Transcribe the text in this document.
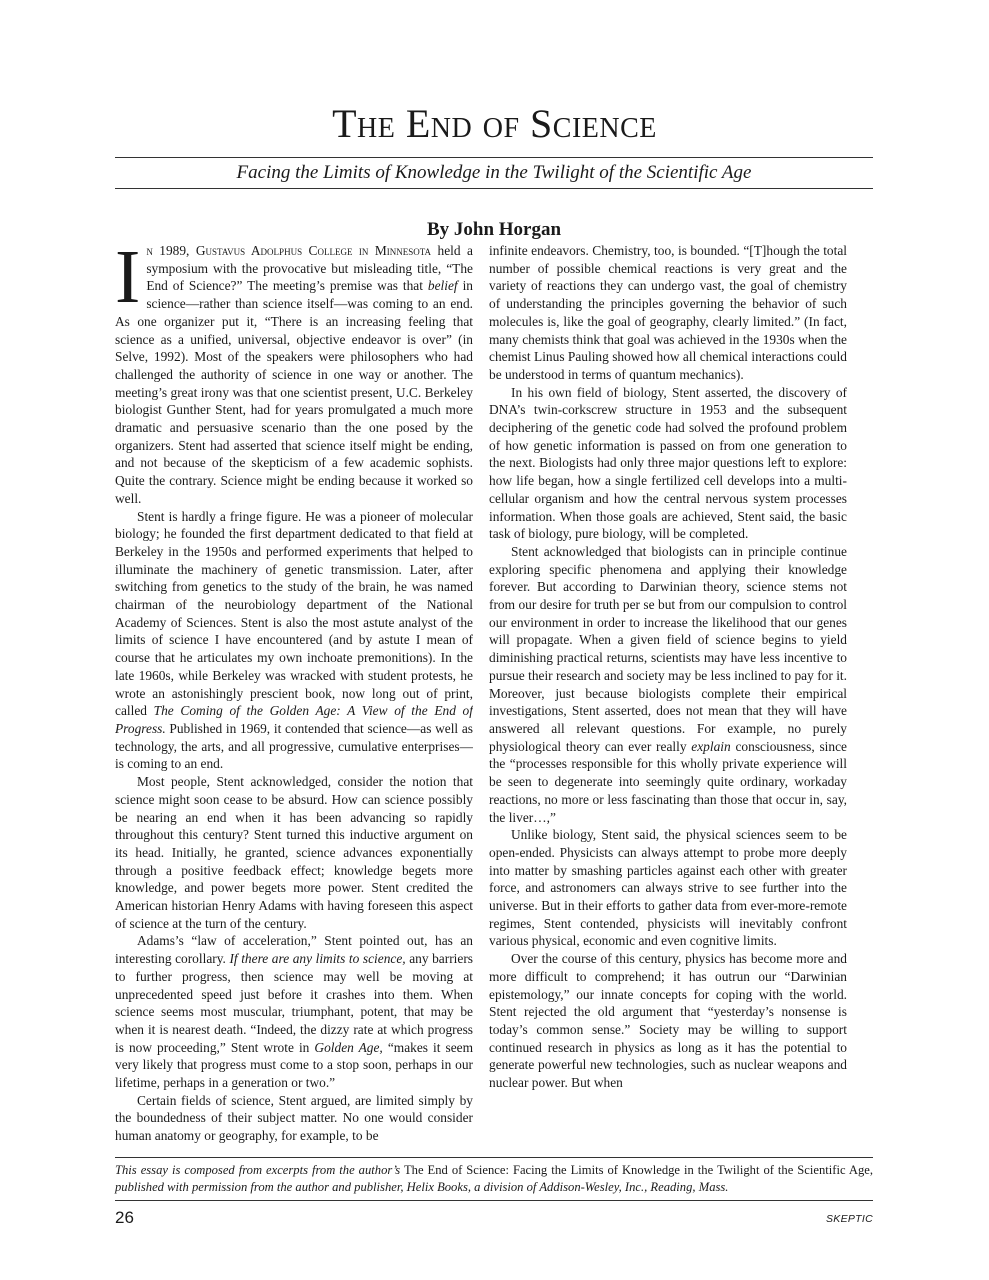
The End of Science
Facing the Limits of Knowledge in the Twilight of the Scientific Age
By John Horgan

In 1989, Gustavus Adolphus College in Minnesota held a symposium with the provocative but misleading title, “The End of Science?” The meeting’s premise was that belief in science—rather than science itself—was coming to an end. As one organizer put it, “There is an increasing feeling that science as a unified, universal, objective endeavor is over” (in Selve, 1992). Most of the speakers were philosophers who had challenged the authority of science in one way or another. The meeting’s great irony was that one scientist present, U.C. Berkeley biologist Gunther Stent, had for years promulgated a much more dramatic and persuasive scenario than the one posed by the organizers. Stent had asserted that science itself might be ending, and not because of the skepticism of a few academic sophists. Quite the contrary. Science might be ending because it worked so well.

Stent is hardly a fringe figure. He was a pioneer of molecular biology; he founded the first department dedicated to that field at Berkeley in the 1950s and performed experiments that helped to illuminate the machinery of genetic transmission. Later, after switching from genetics to the study of the brain, he was named chairman of the neurobiology department of the National Academy of Sciences. Stent is also the most astute analyst of the limits of science I have encountered (and by astute I mean of course that he articulates my own inchoate premonitions). In the late 1960s, while Berkeley was wracked with student protests, he wrote an astonishingly prescient book, now long out of print, called The Coming of the Golden Age: A View of the End of Progress. Published in 1969, it contended that science—as well as technology, the arts, and all progressive, cumulative enterprises—is coming to an end.

Most people, Stent acknowledged, consider the notion that science might soon cease to be absurd. How can science possibly be nearing an end when it has been advancing so rapidly throughout this century? Stent turned this inductive argument on its head. Initially, he granted, science advances exponentially through a positive feedback effect; knowledge begets more knowledge, and power begets more power. Stent credited the American historian Henry Adams with having foreseen this aspect of science at the turn of the century.

Adams’s “law of acceleration,” Stent pointed out, has an interesting corollary. If there are any limits to science, any barriers to further progress, then science may well be moving at unprecedented speed just before it crashes into them. When science seems most muscular, triumphant, potent, that may be when it is nearest death. “Indeed, the dizzy rate at which progress is now proceeding,” Stent wrote in Golden Age, “makes it seem very likely that progress must come to a stop soon, perhaps in our lifetime, perhaps in a generation or two.”

Certain fields of science, Stent argued, are limited simply by the boundedness of their subject matter. No one would consider human anatomy or geography, for example, to be

infinite endeavors. Chemistry, too, is bounded. “[T]hough the total number of possible chemical reactions is very great and the variety of reactions they can undergo vast, the goal of chemistry of understanding the principles governing the behavior of such molecules is, like the goal of geography, clearly limited.” (In fact, many chemists think that goal was achieved in the 1930s when the chemist Linus Pauling showed how all chemical interactions could be understood in terms of quantum mechanics).

In his own field of biology, Stent asserted, the discovery of DNA’s twin-corkscrew structure in 1953 and the subsequent deciphering of the genetic code had solved the profound problem of how genetic information is passed on from one generation to the next. Biologists had only three major questions left to explore: how life began, how a single fertilized cell develops into a multi-cellular organism and how the central nervous system processes information. When those goals are achieved, Stent said, the basic task of biology, pure biology, will be completed.

Stent acknowledged that biologists can in principle continue exploring specific phenomena and applying their knowledge forever. But according to Darwinian theory, science stems not from our desire for truth per se but from our compulsion to control our environment in order to increase the likelihood that our genes will propagate. When a given field of science begins to yield diminishing practical returns, scientists may have less incentive to pursue their research and society may be less inclined to pay for it. Moreover, just because biologists complete their empirical investigations, Stent asserted, does not mean that they will have answered all relevant questions. For example, no purely physiological theory can ever really explain consciousness, since the “processes responsible for this wholly private experience will be seen to degenerate into seemingly quite ordinary, workaday reactions, no more or less fascinating than those that occur in, say, the liver…,”

Unlike biology, Stent said, the physical sciences seem to be open-ended. Physicists can always attempt to probe more deeply into matter by smashing particles against each other with greater force, and astronomers can always strive to see further into the universe. But in their efforts to gather data from ever-more-remote regimes, Stent contended, physicists will inevitably confront various physical, economic and even cognitive limits.

Over the course of this century, physics has become more and more difficult to comprehend; it has outrun our “Darwinian epistemology,” our innate concepts for coping with the world. Stent rejected the old argument that “yesterday’s nonsense is today’s common sense.” Society may be willing to support continued research in physics as long as it has the potential to generate powerful new technologies, such as nuclear weapons and nuclear power. But when

This essay is composed from excerpts from the author’s The End of Science: Facing the Limits of Knowledge in the Twilight of the Scientific Age, published with permission from the author and publisher, Helix Books, a division of Addison-Wesley, Inc., Reading, Mass.
26	SKEPTIC
